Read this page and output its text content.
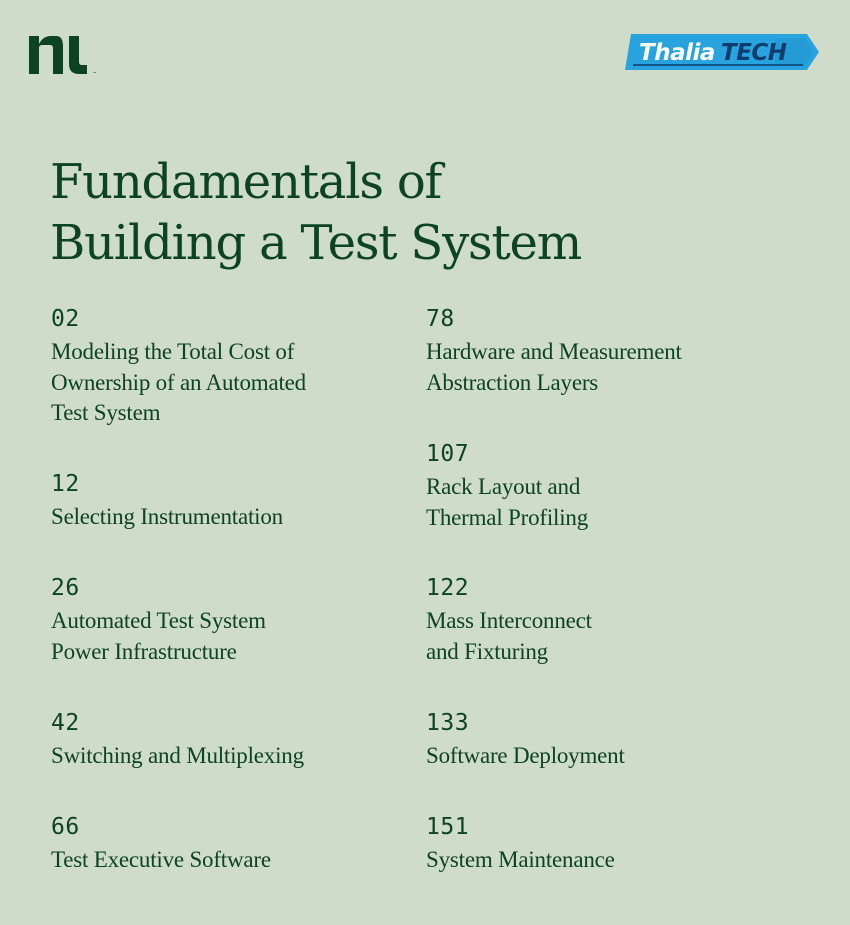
™
Thalia TECH
Fundamentals of
Building a Test System
02
Modeling the Total Cost of
Ownership of an Automated
Test System
12
Selecting Instrumentation
26
Automated Test System
Power Infrastructure
42
Switching and Multiplexing
66
Test Executive Software
78
Hardware and Measurement
Abstraction Layers
107
Rack Layout and
Thermal Profiling
122
Mass Interconnect
and Fixturing
133
Software Deployment
151
System Maintenance
